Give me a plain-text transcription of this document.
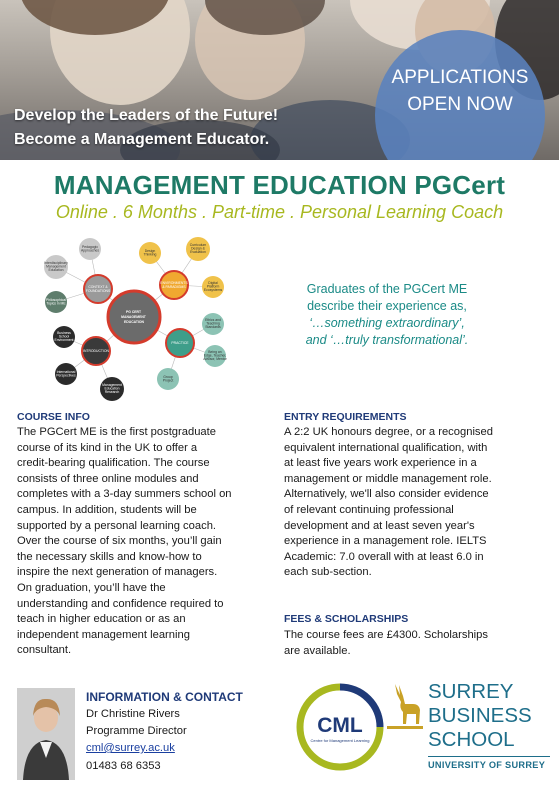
Develop the Leaders of the Future!
Become a Management Educator.
APPLICATIONS
OPEN NOW
MANAGEMENT EDUCATION PGCert
Online . 6 Months . Part-time . Personal Learning Coach
PG CERT MANAGEMENT EDUCATION
CONTEXT & FOUNDATIONS
ENVIRONMENTS & PARADIGMS
PRACTICE
INTRODUCTION
Pedagogic Approaches
Interdisciplinary Management Education
Philosophical Topics in ME
Design Thinking
Curriculum Design & Evaluation
Digital Platform Ecosystems
Ethics and Teaching Standards
Being an Edge, Teacher, Advisor, Mentor
Group Project
Business School Environment
International Perspectives
Management Education Research
Graduates of the PGCert ME
describe their experience as,
‘…something extraordinary’,
and ‘…truly transformational’.
COURSE INFO
The PGCert ME is the first postgraduate
course of its kind in the UK to offer a
credit-bearing qualification. The course
consists of three online modules and
completes with a 3-day summers school on
campus. In addition, students will be
supported by a personal learning coach.
Over the course of six months, you’ll gain
the necessary skills and know-how to
inspire the next generation of managers.
On graduation, you’ll have the
understanding and confidence required to
teach in higher education or as an
independent management learning
consultant.
ENTRY REQUIREMENTS
A 2:2 UK honours degree, or a recognised
equivalent international qualification, with
at least five years work experience in a
management or middle management role.
Alternatively, we'll also consider evidence
of relevant continuing professional
development and at least seven year's
experience in a management role. IELTS
Academic: 7.0 overall with at least 6.0 in
each sub-section.
FEES & SCHOLARSHIPS
The course fees are £4300. Scholarships
are available.
INFORMATION & CONTACT
Dr Christine Rivers
Programme Director
cml@surrey.ac.uk
01483 68 6353
CML
Centre for Management Learning
SURREY
BUSINESS
SCHOOL
UNIVERSITY OF SURREY
